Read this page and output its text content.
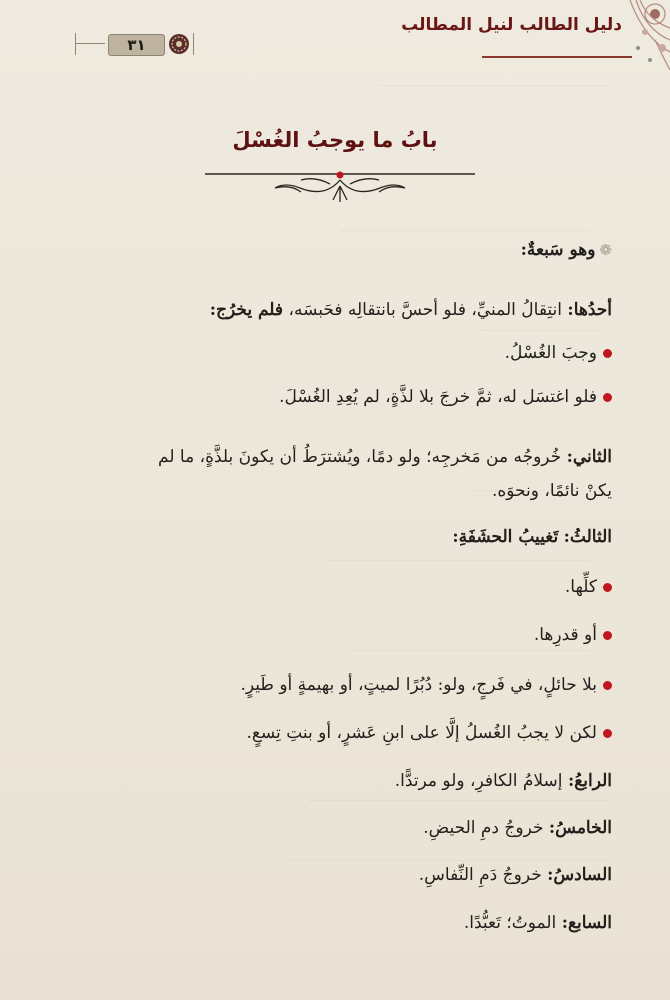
دليل الطالب لنيل المطالب
٣١
بابُ ما يوجبُ الغُسْلَ
❁وهو سَبعةٌ:
أحدُها: انتِقالُ المنيِّ، فلو أحسَّ بانتقالِه فحَبسَه، فلم يخرُج:
وجبَ الغُسْلُ.
فلو اغتسَل له، ثمَّ خرجَ بلا لذَّةٍ، لم يُعِدِ الغُسْلَ.
الثاني: خُروجُه من مَخرجِه؛ ولو دمًا، ويُشترَطُ أن يكونَ بلذَّةٍ، ما لم
يكنْ نائمًا، ونحوَه.
الثالثُ: تَغييبُ الحشَفَةِ:
كلِّها.
أو قدرِها.
بلا حائلٍ، في فَرجٍ، ولو: دُبُرًا لميتٍ، أو بهيمةٍ أو طَيرٍ.
لكن لا يجبُ الغُسلُ إلَّا على ابنِ عَشرٍ، أو بنتِ تِسعٍ.
الرابعُ: إسلامُ الكافرِ، ولو مرتدًّا.
الخامسُ: خروجُ دمِ الحيضِ.
السادسُ: خروجُ دَمِ النِّفاسِ.
السابع: الموتُ؛ تَعبُّدًا.
